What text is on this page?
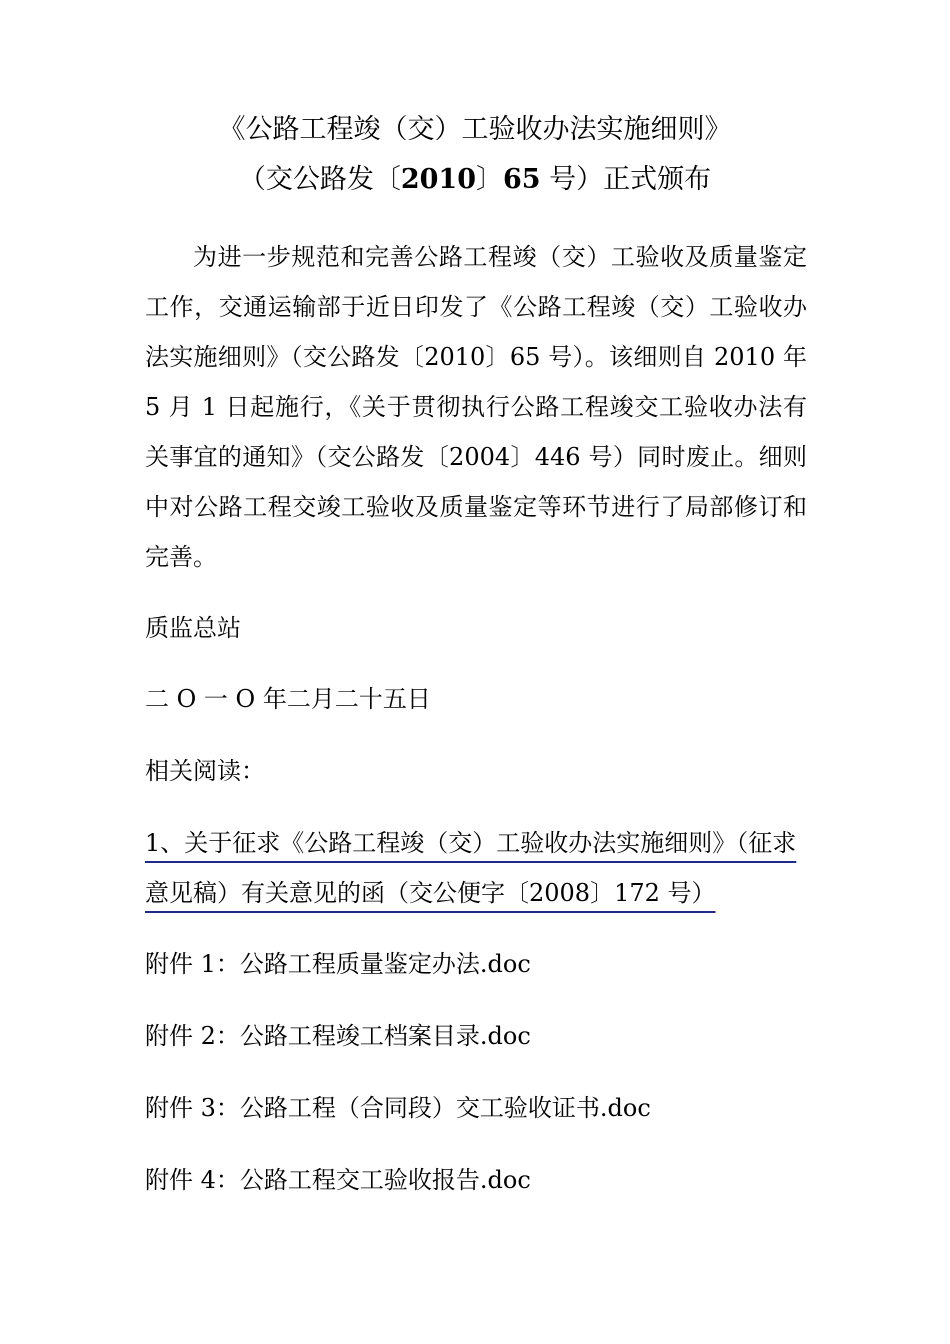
《公路工程竣（交）工验收办法实施细则》
（交公路发〔2010〕65 号）正式颁布
为进一步规范和完善公路工程竣（交）工验收及质量鉴定工作，交通运输部于近日印发了《公路工程竣（交）工验收办法实施细则》（交公路发〔2010〕65 号）。该细则自 2010 年 5 月 1 日起施行，《关于贯彻执行公路工程竣交工验收办法有关事宜的通知》（交公路发〔2004〕446 号）同时废止。细则中对公路工程交竣工验收及质量鉴定等环节进行了局部修订和完善。
质监总站
二 O 一 O 年二月二十五日
相关阅读：
1、关于征求《公路工程竣（交）工验收办法实施细则》（征求意见稿）有关意见的函（交公便字〔2008〕172 号）
附件 1：公路工程质量鉴定办法.doc
附件 2：公路工程竣工档案目录.doc
附件 3：公路工程（合同段）交工验收证书.doc
附件 4：公路工程交工验收报告.doc
